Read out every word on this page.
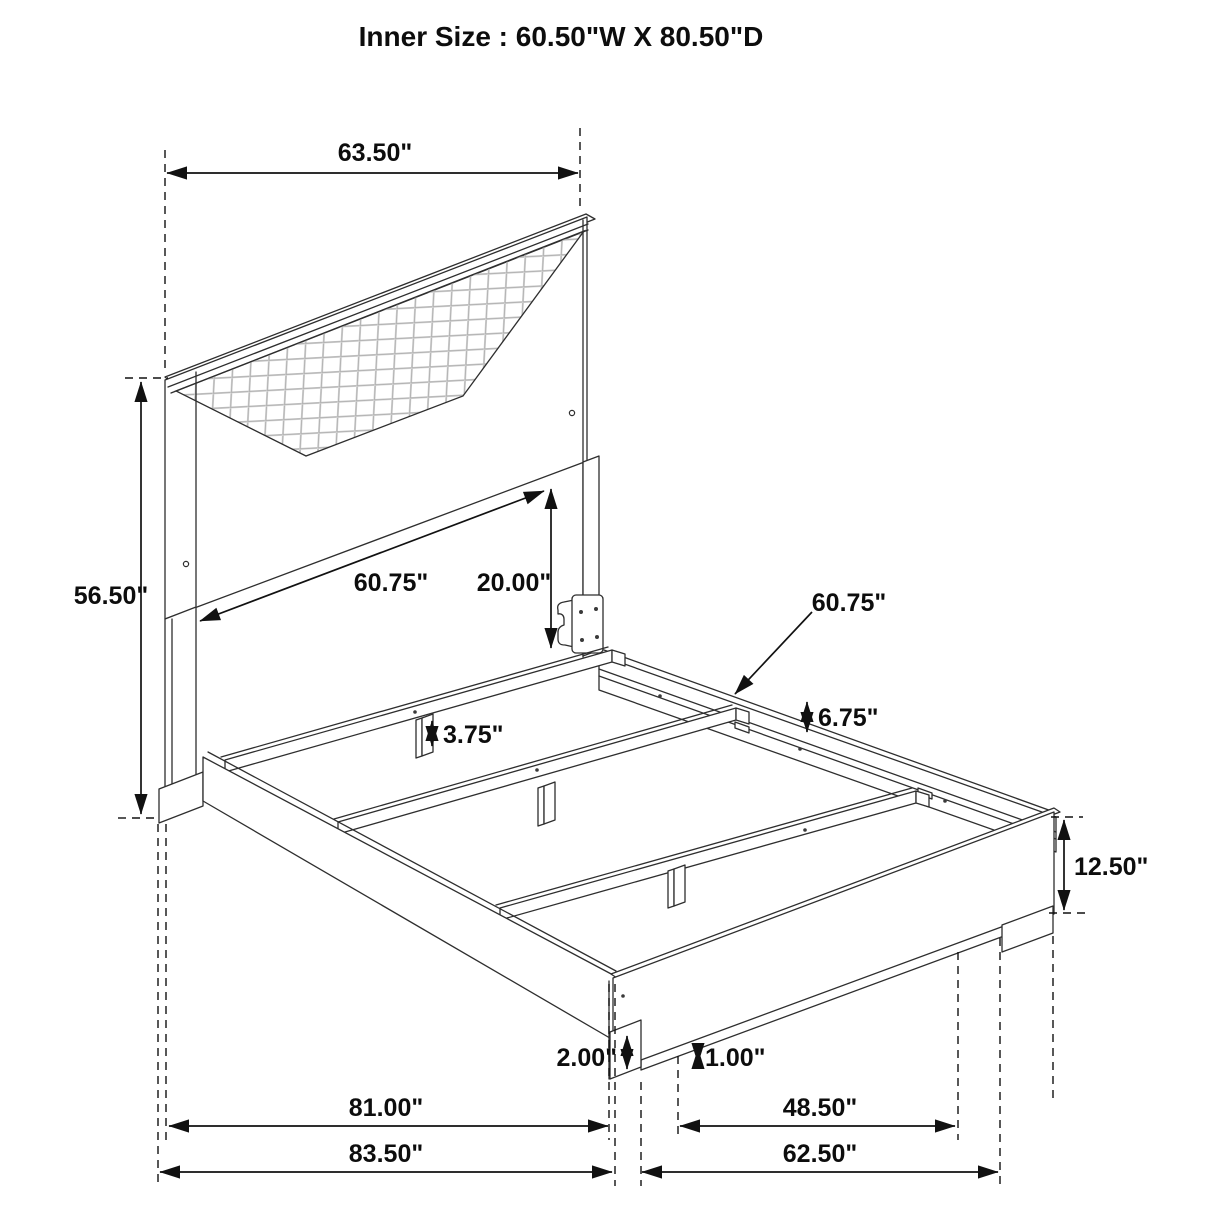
Inner Size : 60.50"W X 80.50"D
63.50"
56.50"	60.75" 20.00"
60.75"
6.75"
3.75"
12.50"
2.00"	1.00"
81.00"	48.50"
83.50"	62.50"
